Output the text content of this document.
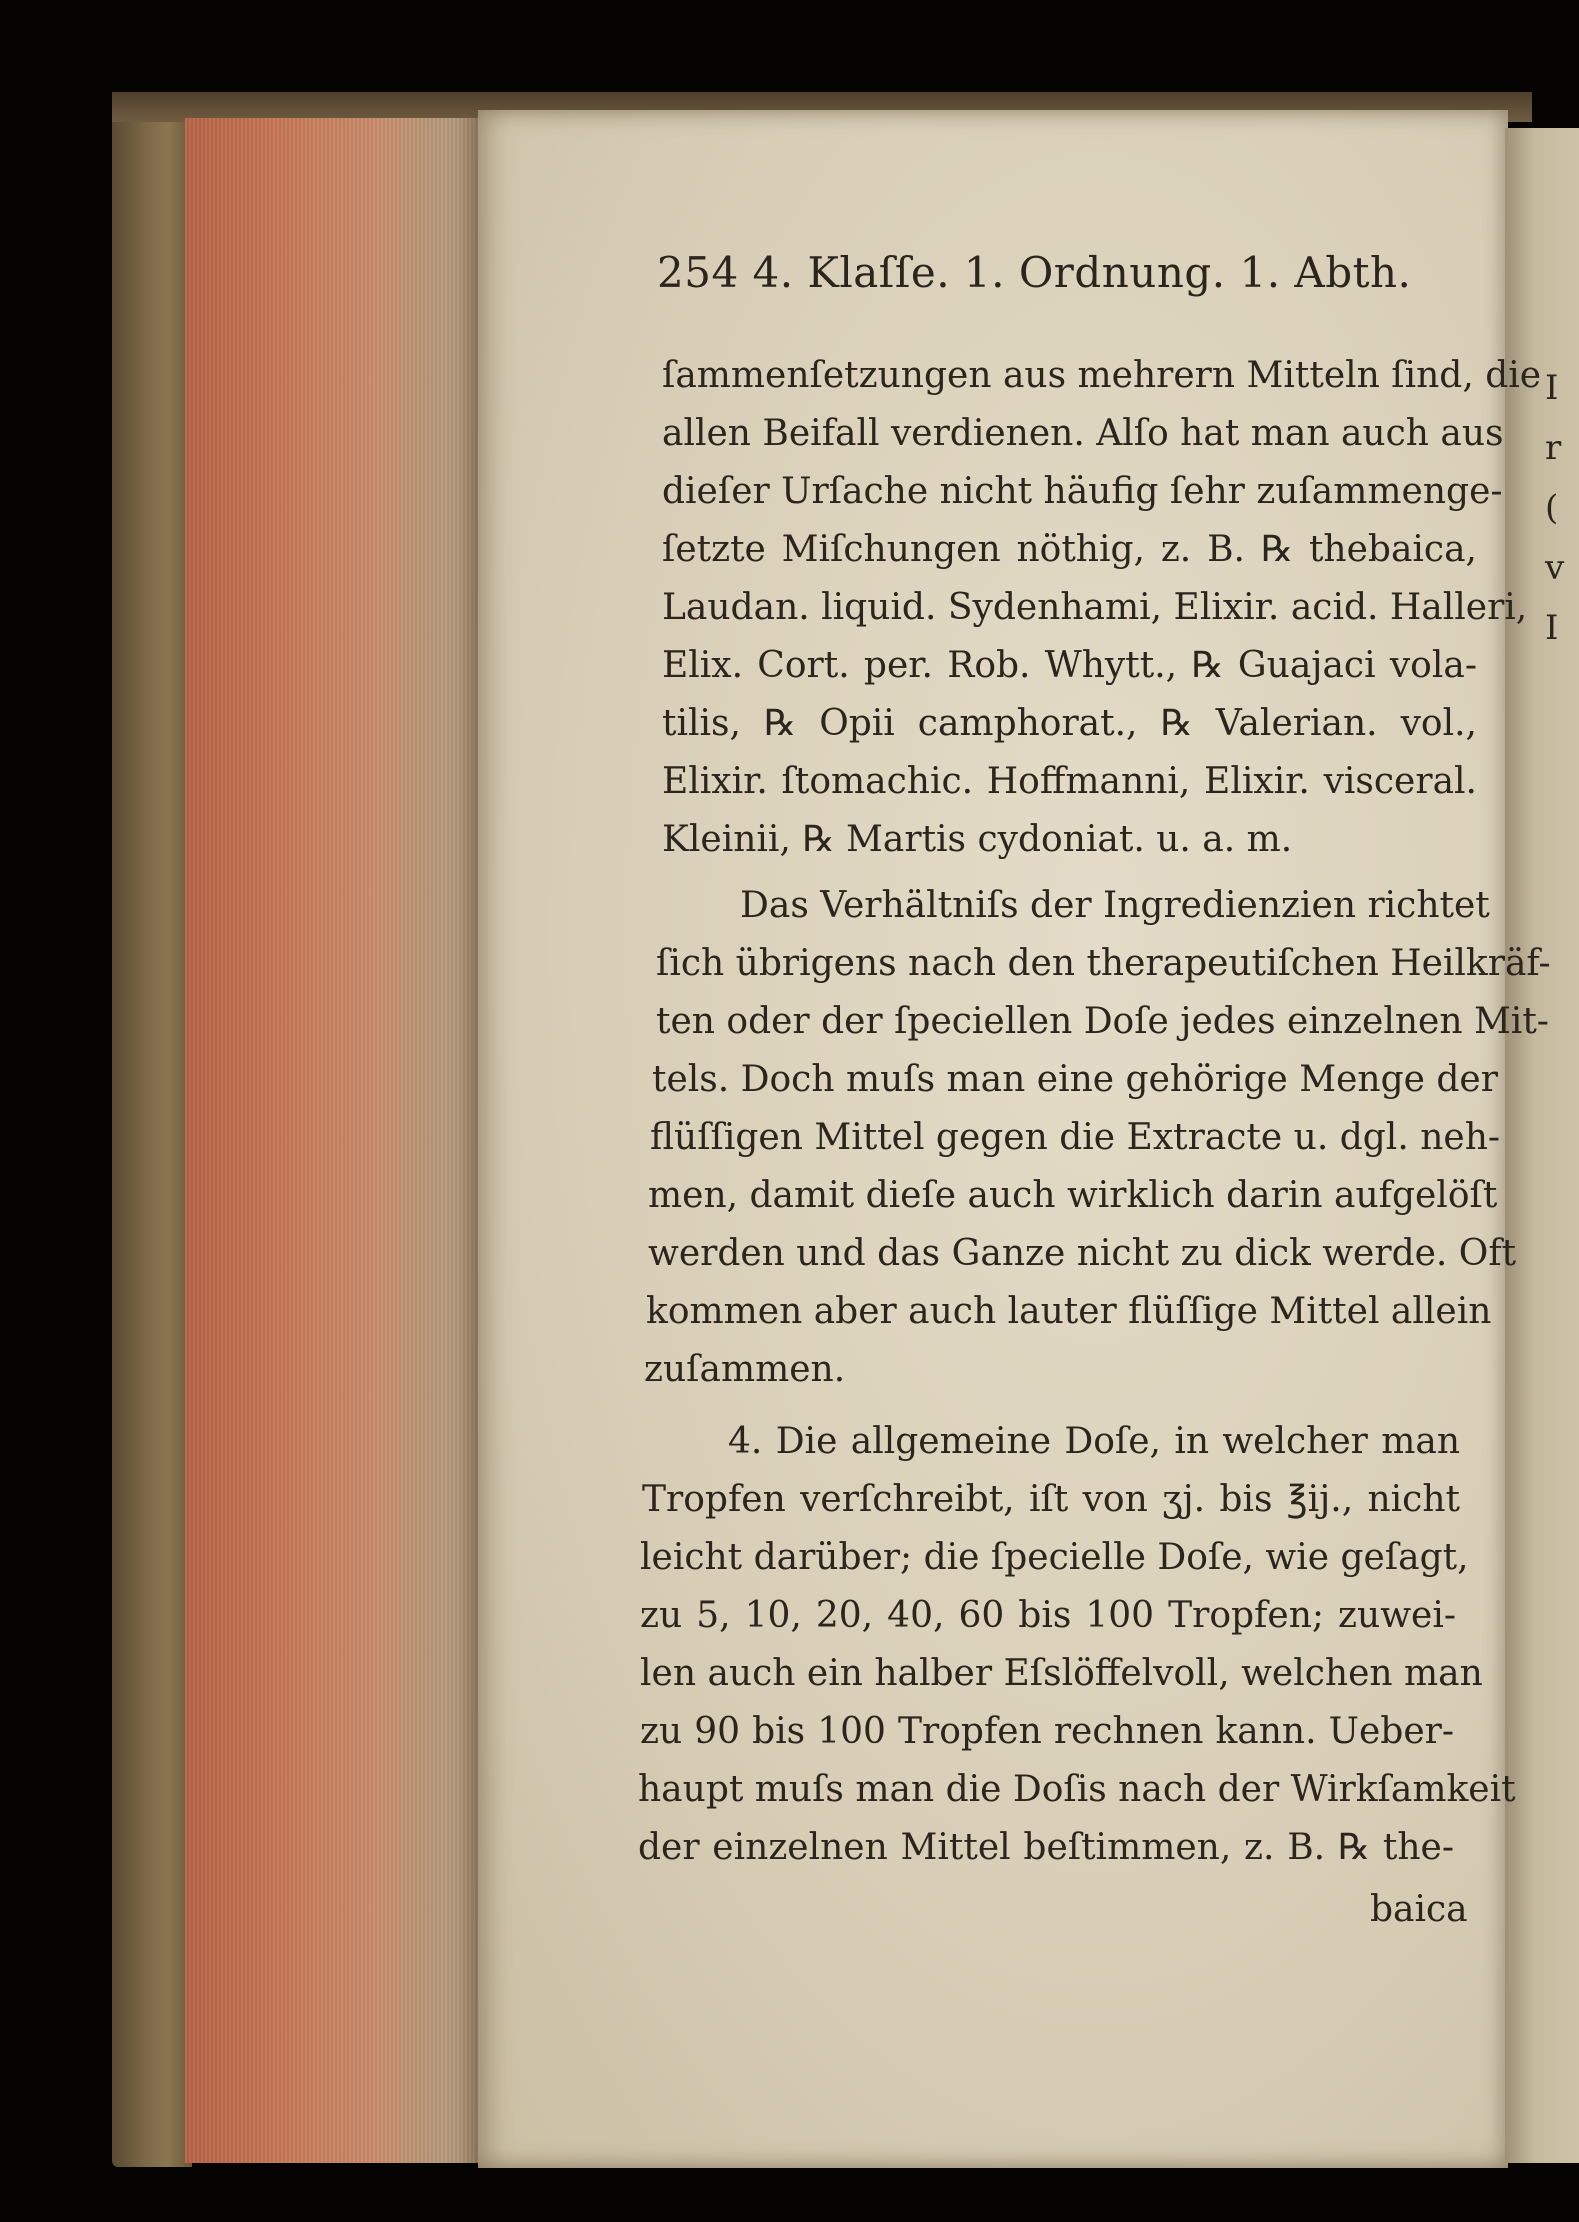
I
r
(
v
I
254 4. Klaſſe. 1. Ordnung. 1. Abth.
ſammenſetzungen aus mehrern Mitteln ſind, die
allen Beifall verdienen. Alſo hat man auch aus
dieſer Urſache nicht häufig ſehr zuſammenge-
ſetzte Miſchungen nöthig, z. B. ℞ thebaica,
Laudan. liquid. Sydenhami, Elixir. acid. Halleri,
Elix. Cort. per. Rob. Whytt., ℞ Guajaci vola-
tilis, ℞ Opii camphorat., ℞ Valerian. vol.,
Elixir. ſtomachic. Hoffmanni, Elixir. visceral.
Kleinii, ℞ Martis cydoniat. u. a. m.
Das Verhältniſs der Ingredienzien richtet
ſich übrigens nach den therapeutiſchen Heilkräf-
ten oder der ſpeciellen Doſe jedes einzelnen Mit-
tels. Doch muſs man eine gehörige Menge der
flüſſigen Mittel gegen die Extracte u. dgl. neh-
men, damit dieſe auch wirklich darin aufgelöſt
werden und das Ganze nicht zu dick werde. Oft
kommen aber auch lauter flüſſige Mittel allein
zuſammen.
4. Die allgemeine Doſe, in welcher man
Tropfen verſchreibt, iſt von ʒj. bis ℥ij., nicht
leicht darüber; die ſpecielle Doſe, wie geſagt,
zu 5, 10, 20, 40, 60 bis 100 Tropfen; zuwei-
len auch ein halber Eſslöffelvoll, welchen man
zu 90 bis 100 Tropfen rechnen kann. Ueber-
haupt muſs man die Doſis nach der Wirkſamkeit
der einzelnen Mittel beſtimmen, z. B. ℞ the-
baica
